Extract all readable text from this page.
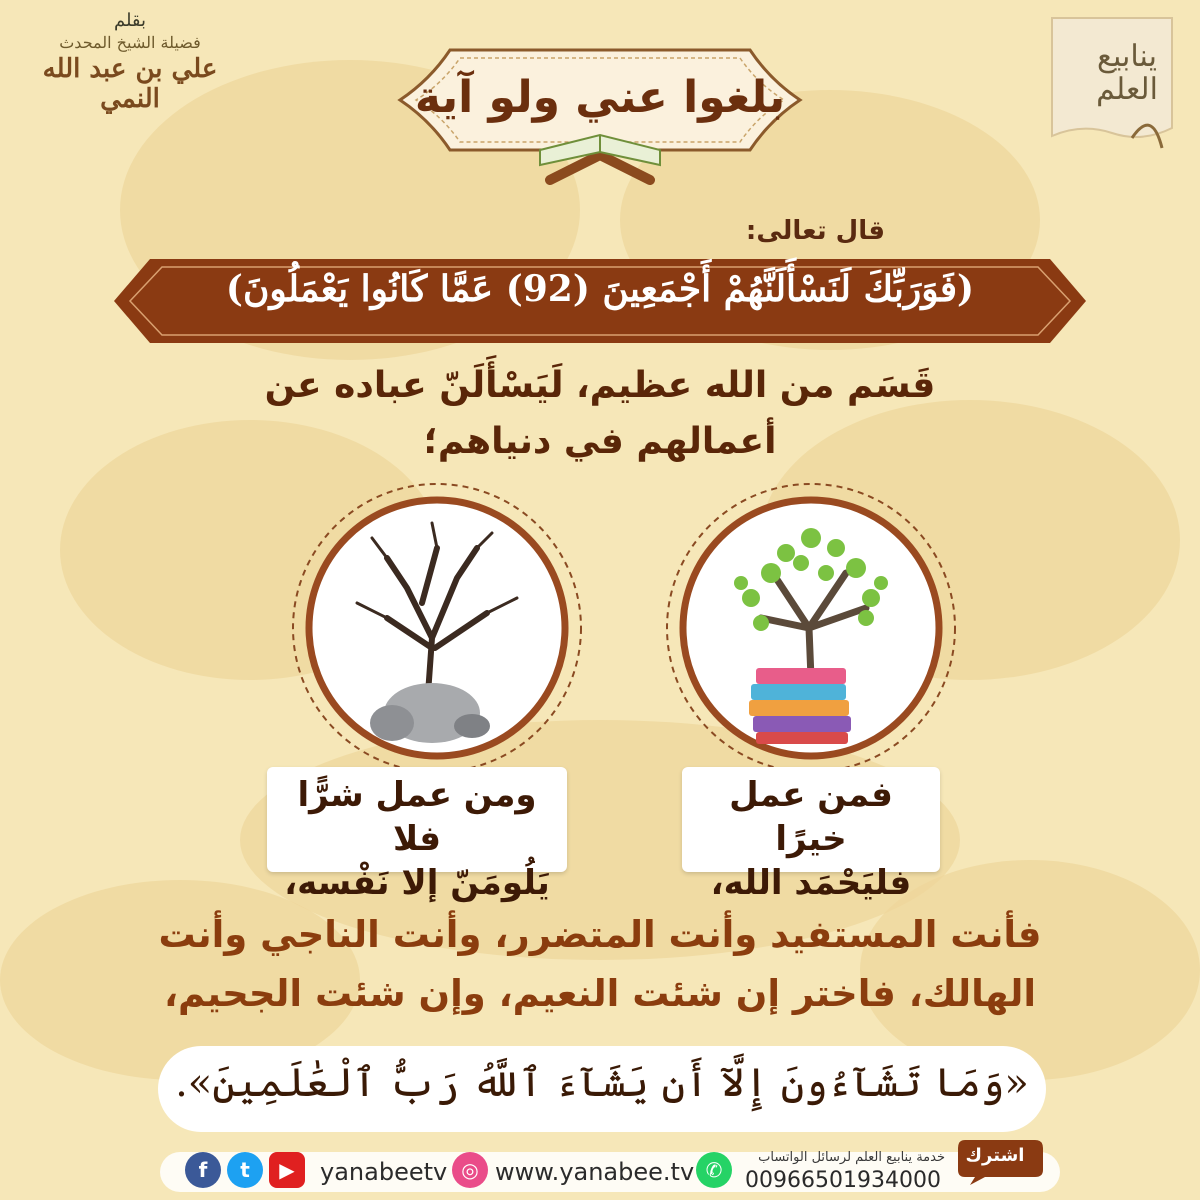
ينابيع العلم
بقلم
فضيلة الشيخ المحدث
علي بن عبد الله النمي	بلغوا عني ولو آية
قال تعالى:
(فَوَرَبِّكَ لَنَسْأَلَنَّهُمْ أَجْمَعِينَ (92) عَمَّا كَانُوا يَعْمَلُونَ)
قَسَم من الله عظيم، لَيَسْأَلَنّ عباده عن
أعمالهم في دنياهم؛
ومن عمل شرًّا فلا
يَلُومَنّ إلا نَفْسه،
فمن عمل خيرًا
فليَحْمَد الله،
فأنت المستفيد وأنت المتضرر، وأنت الناجي وأنت
الهالك، فاختر إن شئت النعيم، وإن شئت الجحيم،
«وَمَا تَشَآءُونَ إِلَّآ أَن يَشَآءَ ٱللَّهُ رَبُّ ٱلْعَٰلَمِينَ».
f	t	▶	yanabeetv ◎ www.yanabee.tv ✆
خدمة ينابيع العلم لرسائل الواتساب
00966501934000
اشترك
